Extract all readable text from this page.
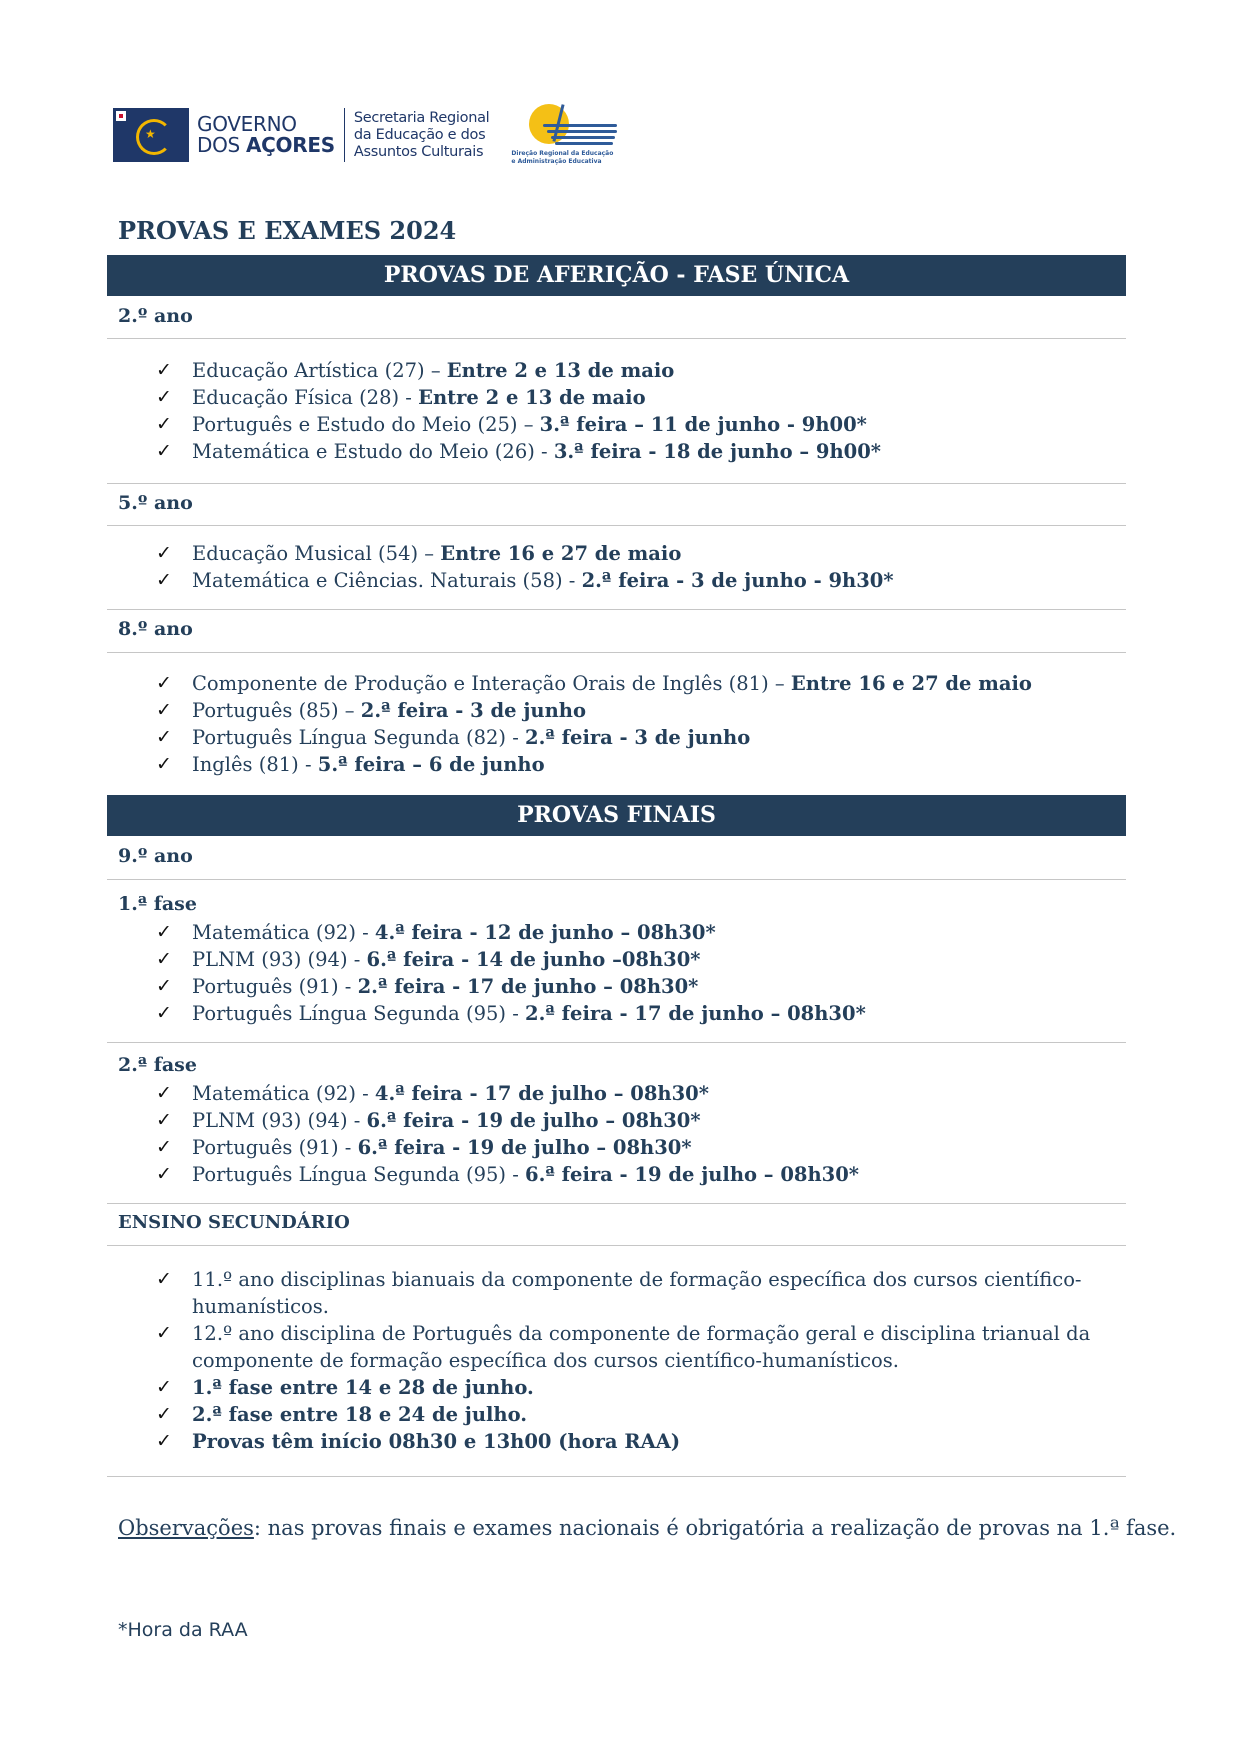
★ GOVERNO
DOS AÇORES
Secretaria Regional
da Educação e dos
Assuntos Culturais	Direção Regional da Educação
e Administração Educativa
PROVAS E EXAMES 2024
PROVAS DE AFERIÇÃO - FASE ÚNICA
2.º ano
✓ Educação Artística (27) – Entre 2 e 13 de maio
✓ Educação Física (28) - Entre 2 e 13 de maio
✓ Português e Estudo do Meio (25) – 3.ª feira – 11 de junho - 9h00*
✓ Matemática e Estudo do Meio (26) - 3.ª feira - 18 de junho – 9h00*
5.º ano
✓ Educação Musical (54) – Entre 16 e 27 de maio
✓ Matemática e Ciências. Naturais (58) - 2.ª feira - 3 de junho - 9h30*
8.º ano
✓ Componente de Produção e Interação Orais de Inglês (81) – Entre 16 e 27 de maio
✓ Português (85) – 2.ª feira - 3 de junho
✓ Português Língua Segunda (82) - 2.ª feira - 3 de junho
✓ Inglês (81) - 5.ª feira – 6 de junho
PROVAS FINAIS
9.º ano
1.ª fase
✓ Matemática (92) - 4.ª feira - 12 de junho – 08h30*
✓ PLNM (93) (94) - 6.ª feira - 14 de junho –08h30*
✓ Português (91) - 2.ª feira - 17 de junho – 08h30*
✓ Português Língua Segunda (95) - 2.ª feira - 17 de junho – 08h30*
2.ª fase
✓ Matemática (92) - 4.ª feira - 17 de julho – 08h30*
✓ PLNM (93) (94) - 6.ª feira - 19 de julho – 08h30*
✓ Português (91) - 6.ª feira - 19 de julho – 08h30*
✓ Português Língua Segunda (95) - 6.ª feira - 19 de julho – 08h30*
ENSINO SECUNDÁRIO
✓ 11.º ano disciplinas bianuais da componente de formação específica dos cursos científico-humanísticos.
✓ 12.º ano disciplina de Português da componente de formação geral e disciplina trianual da componente de formação específica dos cursos científico-humanísticos.
✓ 1.ª fase entre 14 e 28 de junho.
✓ 2.ª fase entre 18 e 24 de julho.
✓ Provas têm início 08h30 e 13h00 (hora RAA)
Observações: nas provas finais e exames nacionais é obrigatória a realização de provas na 1.ª fase.
*Hora da RAA
